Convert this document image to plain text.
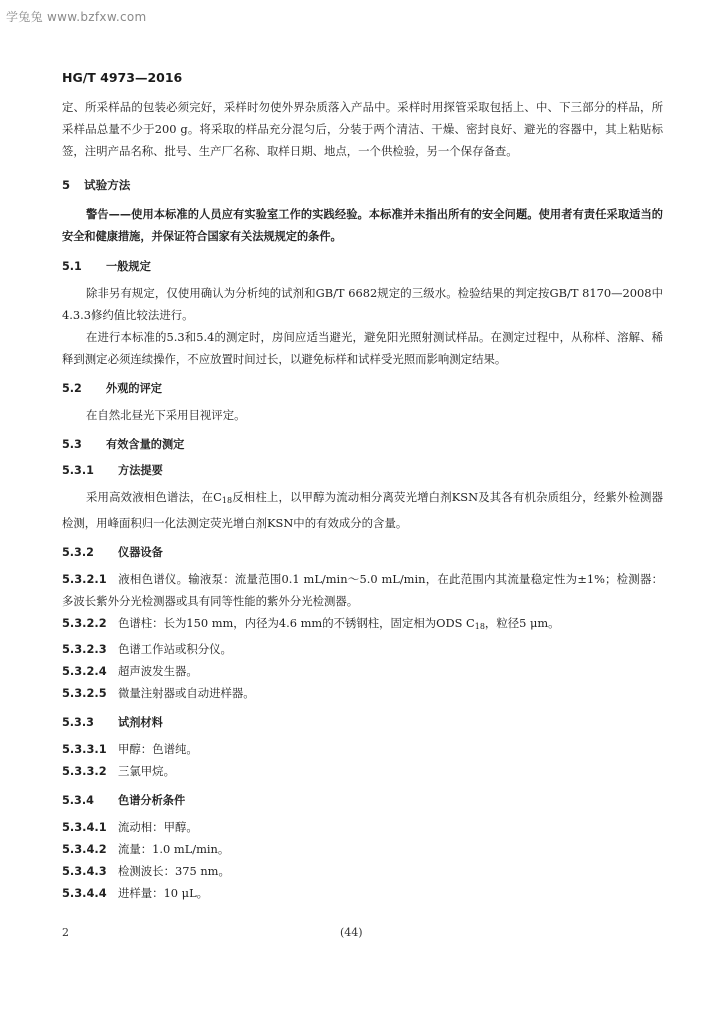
学兔兔 www.bzfxw.com
HG/T 4973—2016

定、所采样品的包装必须完好，采样时勿使外界杂质落入产品中。采样时用探管采取包括上、中、下三部分的样品，所采样品总量不少于200 g。将采取的样品充分混匀后，分装于两个清洁、干燥、密封良好、避光的容器中，其上粘贴标签，注明产品名称、批号、生产厂名称、取样日期、地点，一个供检验，另一个保存备查。

5 试验方法

警告——使用本标准的人员应有实验室工作的实践经验。本标准并未指出所有的安全问题。使用者有责任采取适当的安全和健康措施，并保证符合国家有关法规规定的条件。

5.1 一般规定

除非另有规定，仅使用确认为分析纯的试剂和GB/T 6682规定的三级水。检验结果的判定按GB/T 8170—2008中4.3.3修约值比较法进行。

在进行本标准的5.3和5.4的测定时，房间应适当避光，避免阳光照射测试样品。在测定过程中，从称样、溶解、稀释到测定必须连续操作，不应放置时间过长，以避免标样和试样受光照而影响测定结果。

5.2 外观的评定

在自然北昼光下采用目视评定。

5.3 有效含量的测定

5.3.1 方法提要

采用高效液相色谱法，在$C_{18}$反相柱上，以甲醇为流动相分离荧光增白剂KSN及其各有机杂质组分，经紫外检测器检测，用峰面积归一化法测定荧光增白剂KSN中的有效成分的含量。

5.3.2 仪器设备

5.3.2.1 液相色谱仪。输液泵：流量范围0.1 mL/min～5.0 mL/min，在此范围内其流量稳定性为±1%；检测器：多波长紫外分光检测器或具有同等性能的紫外分光检测器。

5.3.2.2 色谱柱：长为150 mm，内径为4.6 mm的不锈钢柱，固定相为ODS $C_{18}$，粒径5 μm。

5.3.2.3 色谱工作站或积分仪。

5.3.2.4 超声波发生器。

5.3.2.5 微量注射器或自动进样器。

5.3.3 试剂材料

5.3.3.1 甲醇：色谱纯。

5.3.3.2 三氯甲烷。

5.3.4 色谱分析条件

5.3.4.1 流动相：甲醇。

5.3.4.2 流量：1.0 mL/min。

5.3.4.3 检测波长：375 nm。

5.3.4.4 进样量：10 μL。

2	(44)
